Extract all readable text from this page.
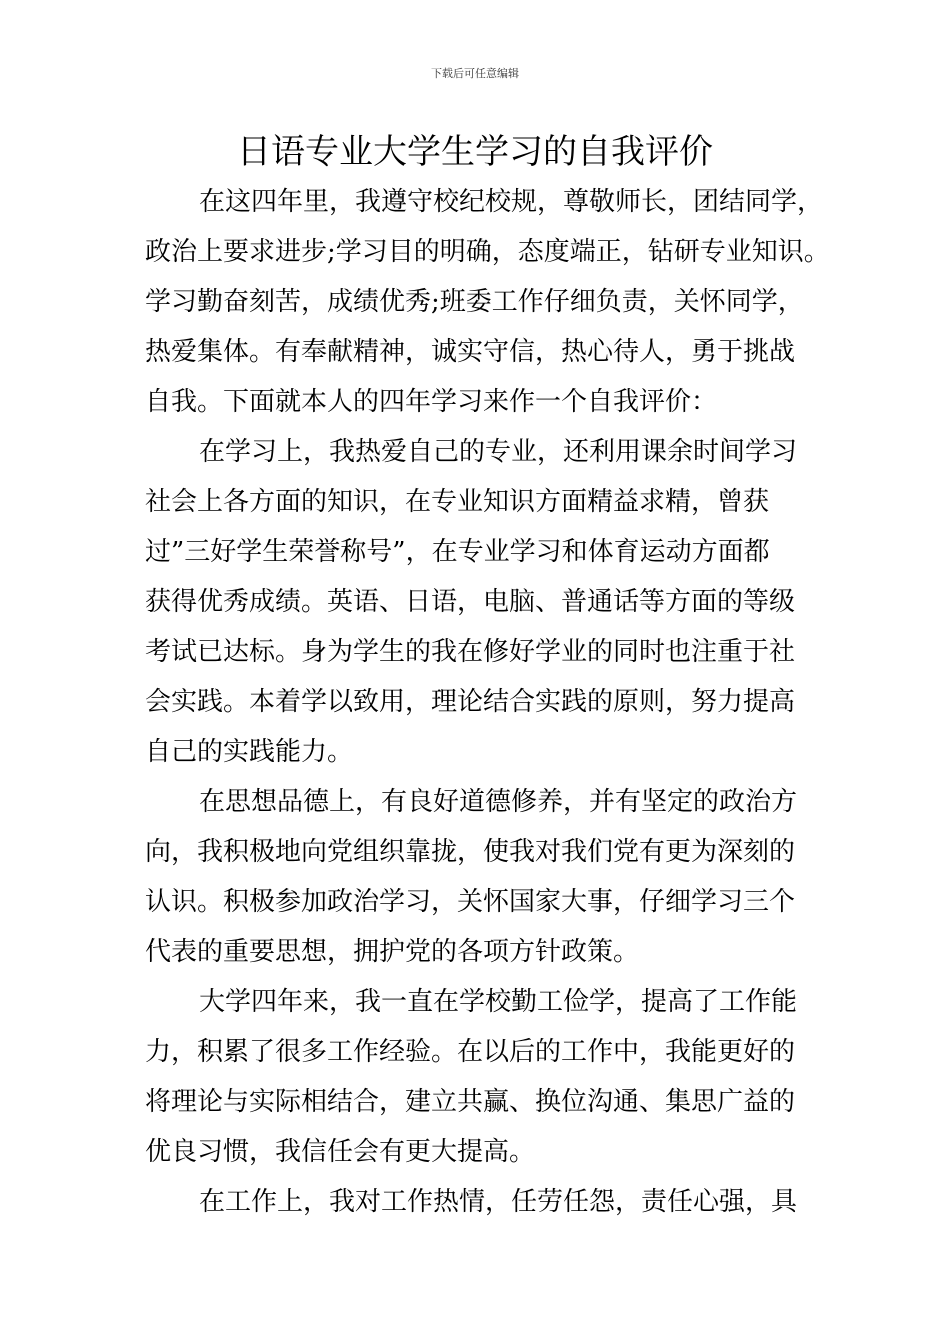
下载后可任意编辑
日语专业大学生学习的自我评价

在这四年里，我遵守校纪校规，尊敬师长，团结同学，
政治上要求进步;学习目的明确，态度端正，钻研专业知识。
学习勤奋刻苦，成绩优秀;班委工作仔细负责，关怀同学，
热爱集体。有奉献精神，诚实守信，热心待人，勇于挑战
自我。下面就本人的四年学习来作一个自我评价：

在学习上，我热爱自己的专业，还利用课余时间学习
社会上各方面的知识，在专业知识方面精益求精，曾获
过”三好学生荣誉称号”，在专业学习和体育运动方面都
获得优秀成绩。英语、日语，电脑、普通话等方面的等级
考试已达标。身为学生的我在修好学业的同时也注重于社
会实践。本着学以致用，理论结合实践的原则，努力提高
自己的实践能力。

在思想品德上，有良好道德修养，并有坚定的政治方
向，我积极地向党组织靠拢，使我对我们党有更为深刻的
认识。积极参加政治学习，关怀国家大事，仔细学习三个
代表的重要思想，拥护党的各项方针政策。

大学四年来，我一直在学校勤工俭学，提高了工作能
力，积累了很多工作经验。在以后的工作中，我能更好的
将理论与实际相结合，建立共赢、换位沟通、集思广益的
优良习惯，我信任会有更大提高。

在工作上，我对工作热情，任劳任怨，责任心强，具
